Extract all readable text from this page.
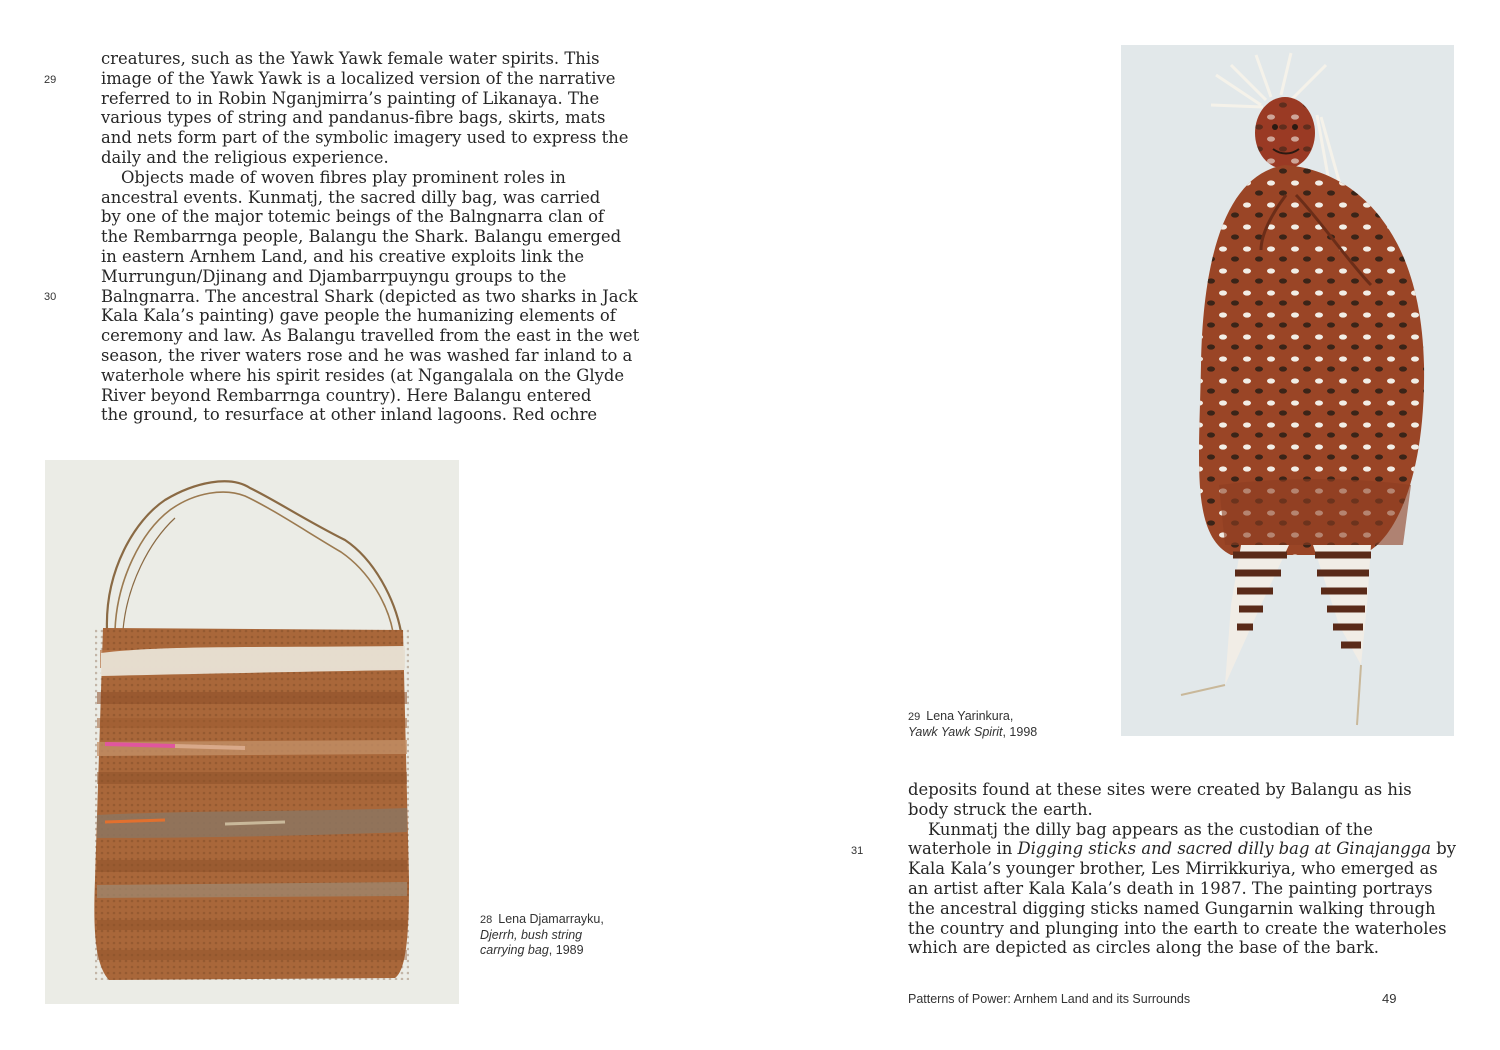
creatures, such as the Yawk Yawk female water spirits. This
image of the Yawk Yawk is a localized version of the narrative
referred to in Robin Nganjmirra’s painting of Likanaya. The
various types of string and pandanus-fibre bags, skirts, mats
and nets form part of the symbolic imagery used to express the
daily and the religious experience.
Objects made of woven fibres play prominent roles in
ancestral events. Kunmatj, the sacred dilly bag, was carried
by one of the major totemic beings of the Balngnarra clan of
the Rembarrnga people, Balangu the Shark. Balangu emerged
in eastern Arnhem Land, and his creative exploits link the
Murrungun/Djinang and Djambarrpuyngu groups to the
Balngnarra. The ancestral Shark (depicted as two sharks in Jack
Kala Kala’s painting) gave people the humanizing elements of
ceremony and law. As Balangu travelled from the east in the wet
season, the river waters rose and he was washed far inland to a
waterhole where his spirit resides (at Ngangalala on the Glyde
River beyond Rembarrnga country). Here Balangu entered
the ground, to resurface at other inland lagoons. Red ochre
29
30
28 Lena Djamarrayku,
Djerrh, bush string
carrying bag, 1989
29 Lena Yarinkura,
Yawk Yawk Spirit, 1998
deposits found at these sites were created by Balangu as his
body struck the earth.
Kunmatj the dilly bag appears as the custodian of the
waterhole in Digging sticks and sacred dilly bag at Ginajangga by
Kala Kala’s younger brother, Les Mirrikkuriya, who emerged as
an artist after Kala Kala’s death in 1987. The painting portrays
the ancestral digging sticks named Gungarnin walking through
the country and plunging into the earth to create the waterholes
which are depicted as circles along the base of the bark.
31
Patterns of Power: Arnhem Land and its Surrounds	49
